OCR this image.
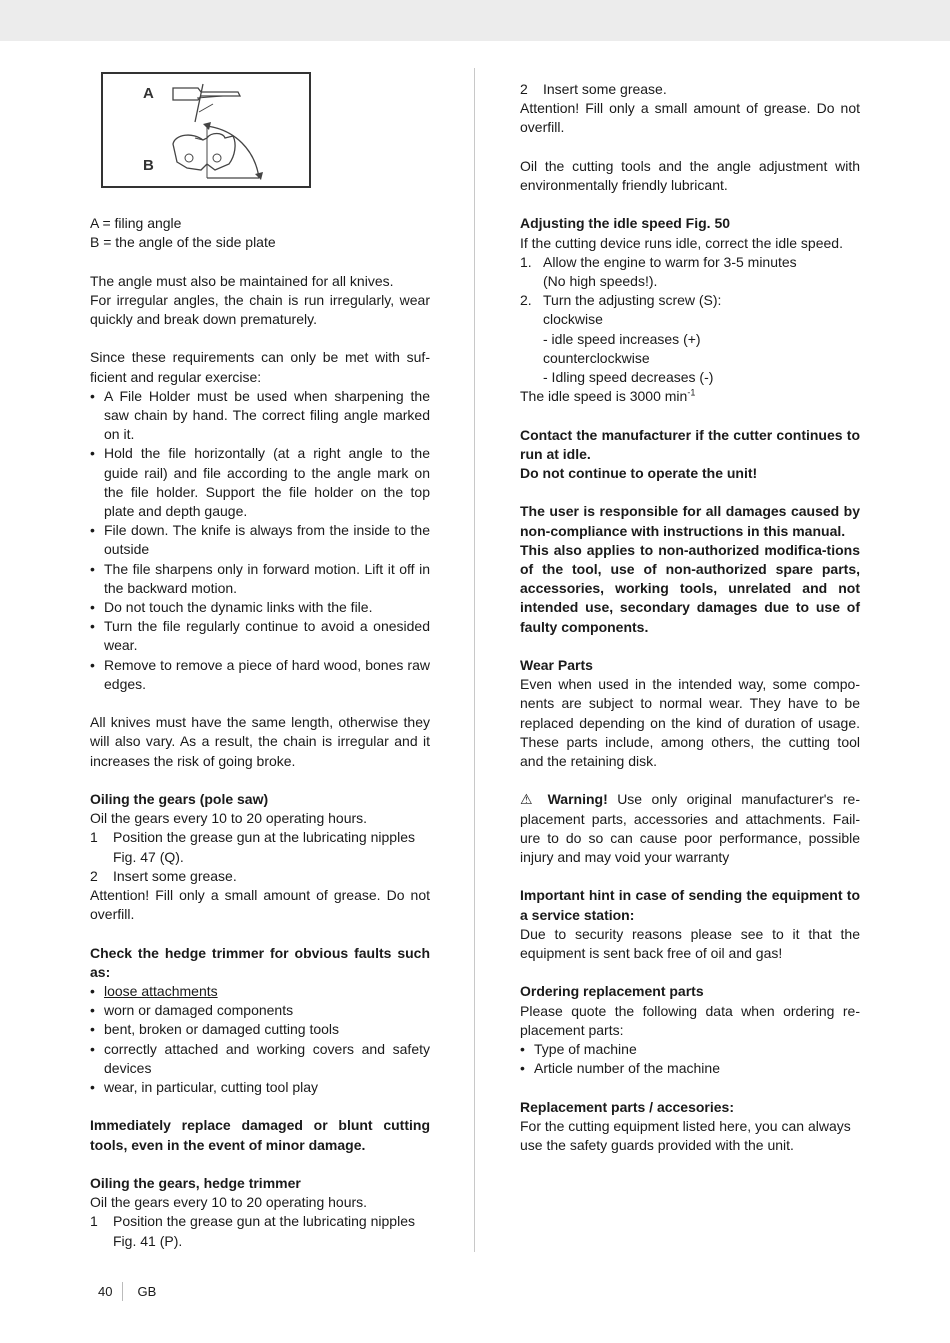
A
B

A = filing angle

B = the angle of the side plate

The angle must also be maintained for all knives.

For irregular angles, the chain is run irregularly, wear quickly and break down prematurely.

Since these requirements can only be met with suf-ficient and regular exercise:

• A File Holder must be used when sharpening the saw chain by hand. The correct filing angle marked on it.
• Hold the file horizontally (at a right angle to the guide rail) and file according to the angle mark on the file holder. Support the file holder on the top plate and depth gauge.
• File down. The knife is always from the inside to the outside
• The file sharpens only in forward motion. Lift it off in the backward motion.
• Do not touch the dynamic links with the file.
• Turn the file regularly continue to avoid a onesided wear.
• Remove to remove a piece of hard wood, bones raw edges.

All knives must have the same length, otherwise they will also vary. As a result, the chain is irregular and it increases the risk of going broke.

Oiling the gears (pole saw)

Oil the gears every 10 to 20 operating hours.

1 Position the grease gun at the lubricating nipples
Fig. 47 (Q).
2 Insert some grease.

Attention! Fill only a small amount of grease. Do not overfill.

Check the hedge trimmer for obvious faults such as:

• loose attachments
• worn or damaged components
• bent, broken or damaged cutting tools
• correctly attached and working covers and safety devices
• wear, in particular, cutting tool play

Immediately replace damaged or blunt cutting tools, even in the event of minor damage.

Oiling the gears, hedge trimmer

Oil the gears every 10 to 20 operating hours.

1 Position the grease gun at the lubricating nipples
Fig. 41 (P).
2 Insert some grease.

Attention! Fill only a small amount of grease. Do not overfill.

Oil the cutting tools and the angle adjustment with environmentally friendly lubricant.

Adjusting the idle speed Fig. 50

If the cutting device runs idle, correct the idle speed.

1. Allow the engine to warm for 3-5 minutes
(No high speeds!).
2. Turn the adjusting screw (S):
clockwise
- idle speed increases (+)
counterclockwise
- Idling speed decreases (-)

The idle speed is 3000 $\min^{-1}$

Contact the manufacturer if the cutter continues to run at idle.

Do not continue to operate the unit!

The user is responsible for all damages caused by non-compliance with instructions in this manual.

This also applies to non-authorized modifica-tions of the tool, use of non-authorized spare parts, accessories, working tools, unrelated and not intended use, secondary damages due to use of faulty components.

Wear Parts

Even when used in the intended way, some compo-nents are subject to normal wear. They have to be replaced depending on the kind of duration of usage. These parts include, among others, the cutting tool and the retaining disk.

⚠ Warning! Use only original manufacturer's re-placement parts, accessories and attachments. Fail-ure to do so can cause poor performance, possible injury and may void your warranty

Important hint in case of sending the equipment to a service station:

Due to security reasons please see to it that the equipment is sent back free of oil and gas!

Ordering replacement parts

Please quote the following data when ordering re-placement parts:

• Type of machine
• Article number of the machine

Replacement parts / accesories:

For the cutting equipment listed here, you can always use the safety guards provided with the unit.

40 GB
